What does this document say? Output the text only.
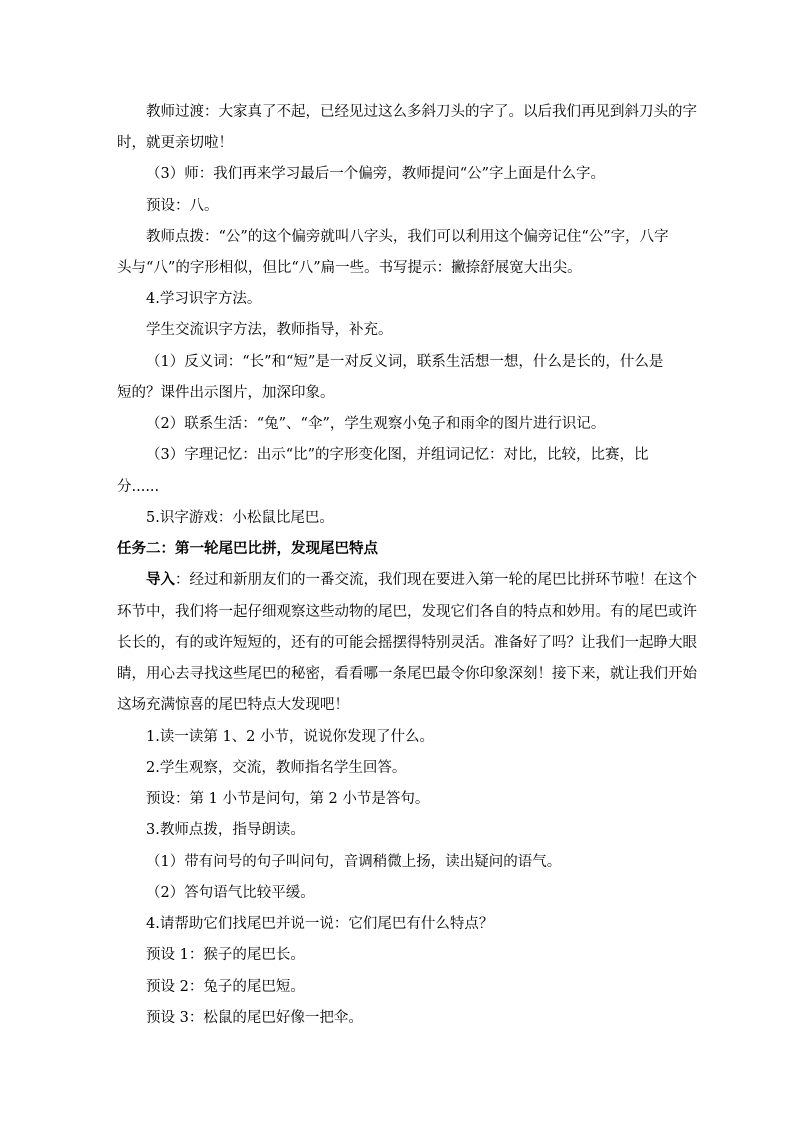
教师过渡：大家真了不起，已经见过这么多斜刀头的字了。以后我们再见到斜刀头的字
时，就更亲切啦！
（3）师：我们再来学习最后一个偏旁，教师提问“公”字上面是什么字。
预设：八。
教师点拨：“公”的这个偏旁就叫八字头，我们可以利用这个偏旁记住“公”字，八字
头与“八”的字形相似，但比“八”扁一些。书写提示：撇捺舒展宽大出尖。
4.学习识字方法。
学生交流识字方法，教师指导，补充。
（1）反义词：“长”和“短”是一对反义词，联系生活想一想，什么是长的，什么是
短的？课件出示图片，加深印象。
（2）联系生活：“兔”、“伞”，学生观察小兔子和雨伞的图片进行识记。
（3）字理记忆：出示“比”的字形变化图，并组词记忆：对比，比较，比赛，比
分......
5.识字游戏：小松鼠比尾巴。
任务二：第一轮尾巴比拼，发现尾巴特点
导入：经过和新朋友们的一番交流，我们现在要进入第一轮的尾巴比拼环节啦！在这个
环节中，我们将一起仔细观察这些动物的尾巴，发现它们各自的特点和妙用。有的尾巴或许
长长的，有的或许短短的，还有的可能会摇摆得特别灵活。准备好了吗？让我们一起睁大眼
睛，用心去寻找这些尾巴的秘密，看看哪一条尾巴最令你印象深刻！接下来，就让我们开始
这场充满惊喜的尾巴特点大发现吧！
1.读一读第 1、2 小节，说说你发现了什么。
2.学生观察，交流，教师指名学生回答。
预设：第 1 小节是问句，第 2 小节是答句。
3.教师点拨，指导朗读。
（1）带有问号的句子叫问句，音调稍微上扬，读出疑问的语气。
（2）答句语气比较平缓。
4.请帮助它们找尾巴并说一说：它们尾巴有什么特点？
预设 1：猴子的尾巴长。
预设 2：兔子的尾巴短。
预设 3：松鼠的尾巴好像一把伞。
